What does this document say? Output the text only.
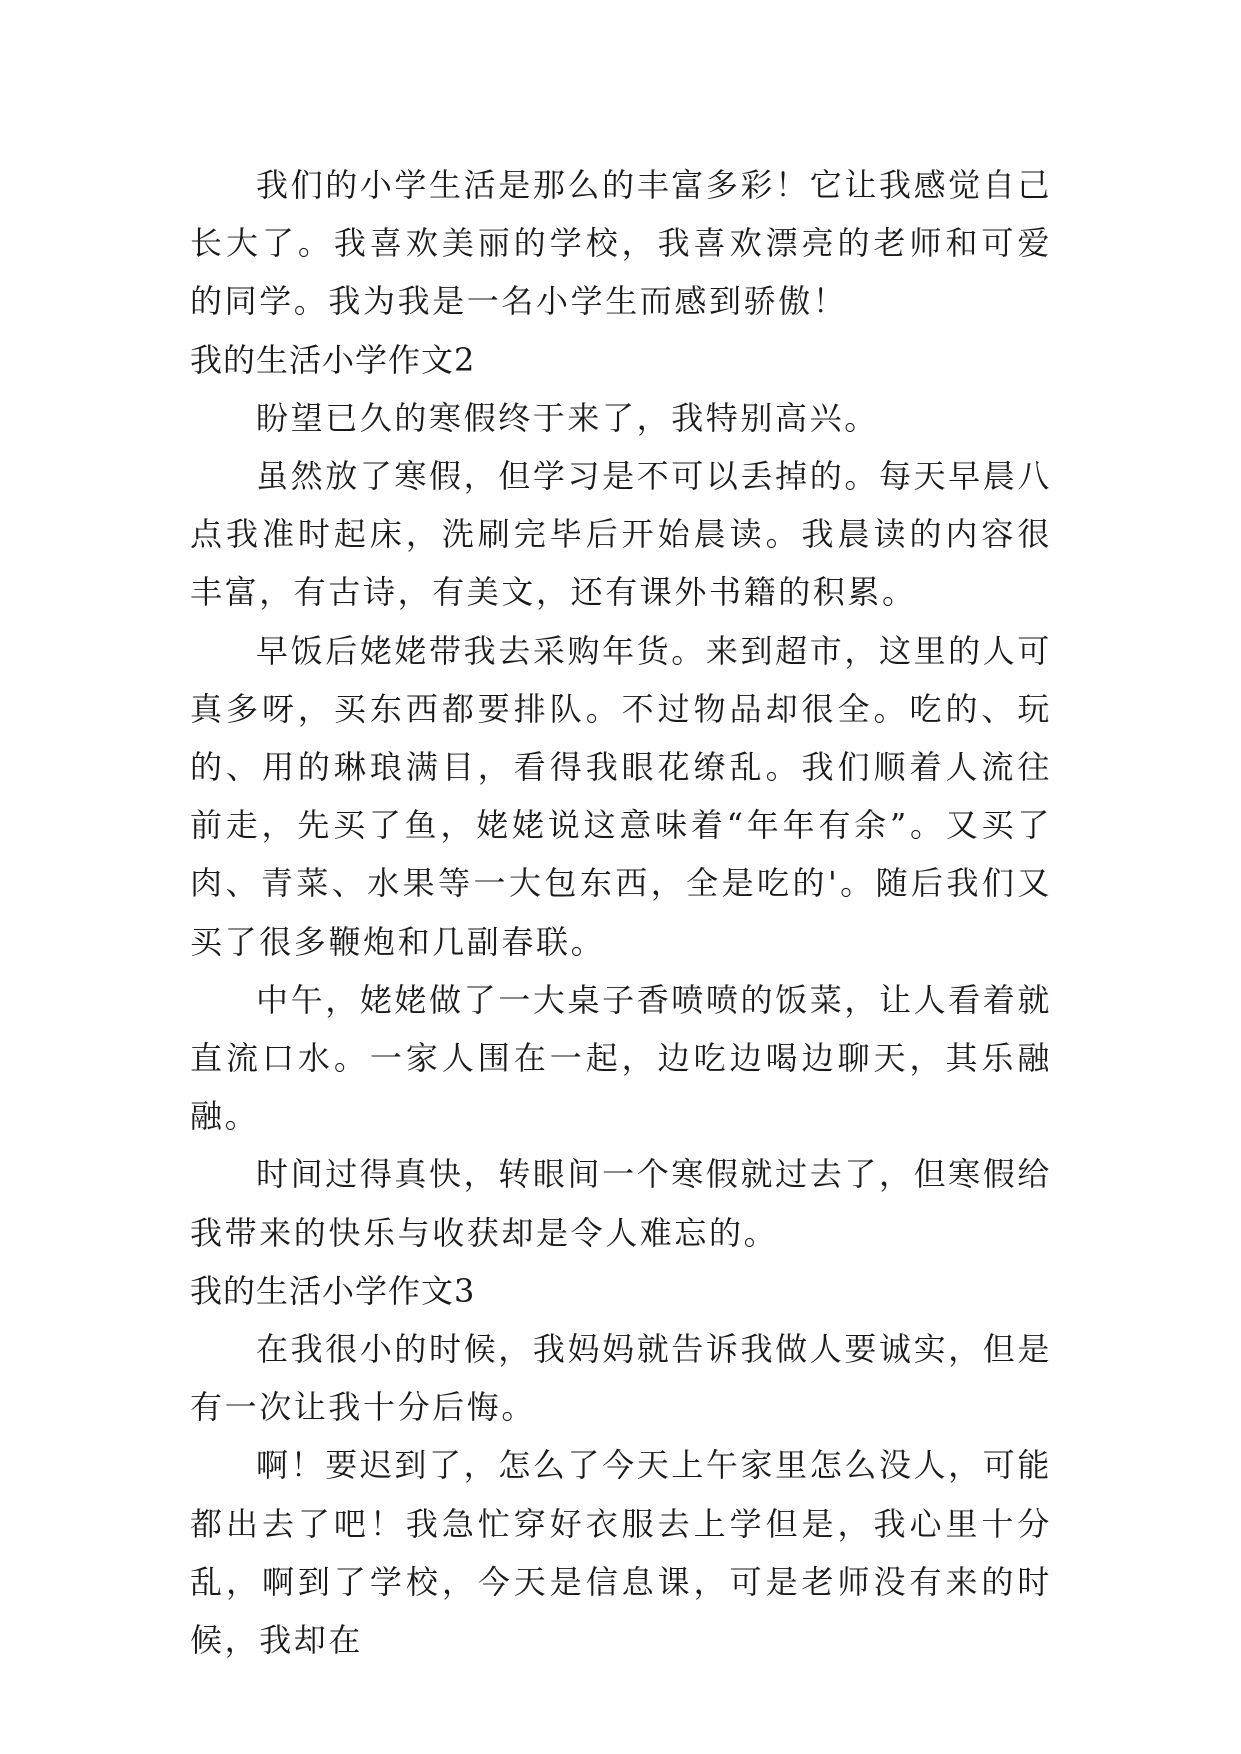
我们的小学生活是那么的丰富多彩！它让我感觉自己长大了。我喜欢美丽的学校，我喜欢漂亮的老师和可爱的同学。我为我是一名小学生而感到骄傲！

我的生活小学作文2

盼望已久的寒假终于来了，我特别高兴。

虽然放了寒假，但学习是不可以丢掉的。每天早晨八点我准时起床，洗刷完毕后开始晨读。我晨读的内容很丰富，有古诗，有美文，还有课外书籍的积累。

早饭后姥姥带我去采购年货。来到超市，这里的人可真多呀，买东西都要排队。不过物品却很全。吃的、玩的、用的琳琅满目，看得我眼花缭乱。我们顺着人流往前走，先买了鱼，姥姥说这意味着“年年有余”。又买了肉、青菜、水果等一大包东西，全是吃的'。随后我们又买了很多鞭炮和几副春联。

中午，姥姥做了一大桌子香喷喷的饭菜，让人看着就直流口水。一家人围在一起，边吃边喝边聊天，其乐融融。

时间过得真快，转眼间一个寒假就过去了，但寒假给我带来的快乐与收获却是令人难忘的。

我的生活小学作文3

在我很小的时候，我妈妈就告诉我做人要诚实，但是有一次让我十分后悔。

啊！要迟到了，怎么了今天上午家里怎么没人，可能都出去了吧！我急忙穿好衣服去上学但是，我心里十分乱，啊到了学校，今天是信息课，可是老师没有来的时候，我却在
